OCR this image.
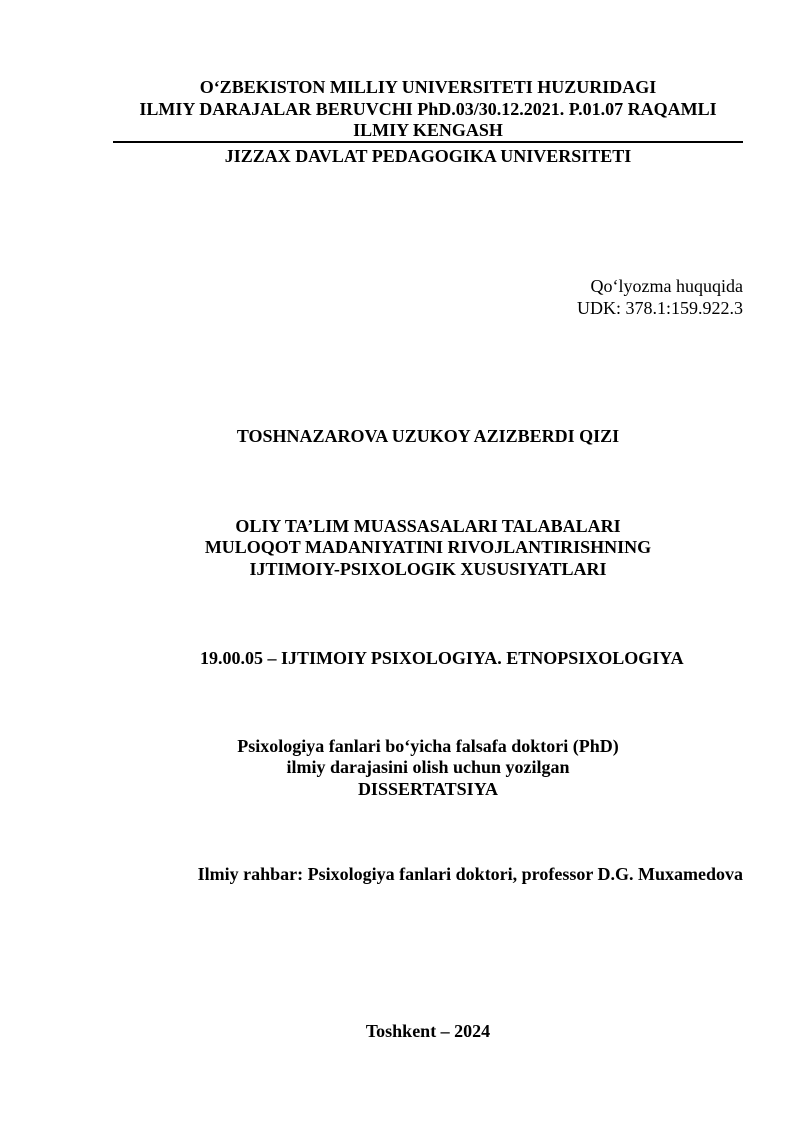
O‘ZBEKISTON MILLIY UNIVERSITETI HUZURIDAGI
ILMIY DARAJALAR BERUVCHI PhD.03/30.12.2021. P.01.07 RAQAMLI
ILMIY KENGASH
JIZZAX DAVLAT PEDAGOGIKA UNIVERSITETI
Qo‘lyozma huquqida
UDK: 378.1:159.922.3
TOSHNAZAROVA UZUKOY AZIZBERDI QIZI
OLIY TA’LIM MUASSASALARI TALABALARI
MULOQOT MADANIYATINI RIVOJLANTIRISHNING
IJTIMOIY-PSIXOLOGIK XUSUSIYATLARI
19.00.05 – IJTIMOIY PSIXOLOGIYA. ETNOPSIXOLOGIYA
Psixologiya fanlari bo‘yicha falsafa doktori (PhD)
ilmiy darajasini olish uchun yozilgan
DISSERTATSIYA
Ilmiy rahbar: Psixologiya fanlari doktori, professor D.G. Muxamedova
Toshkent – 2024
